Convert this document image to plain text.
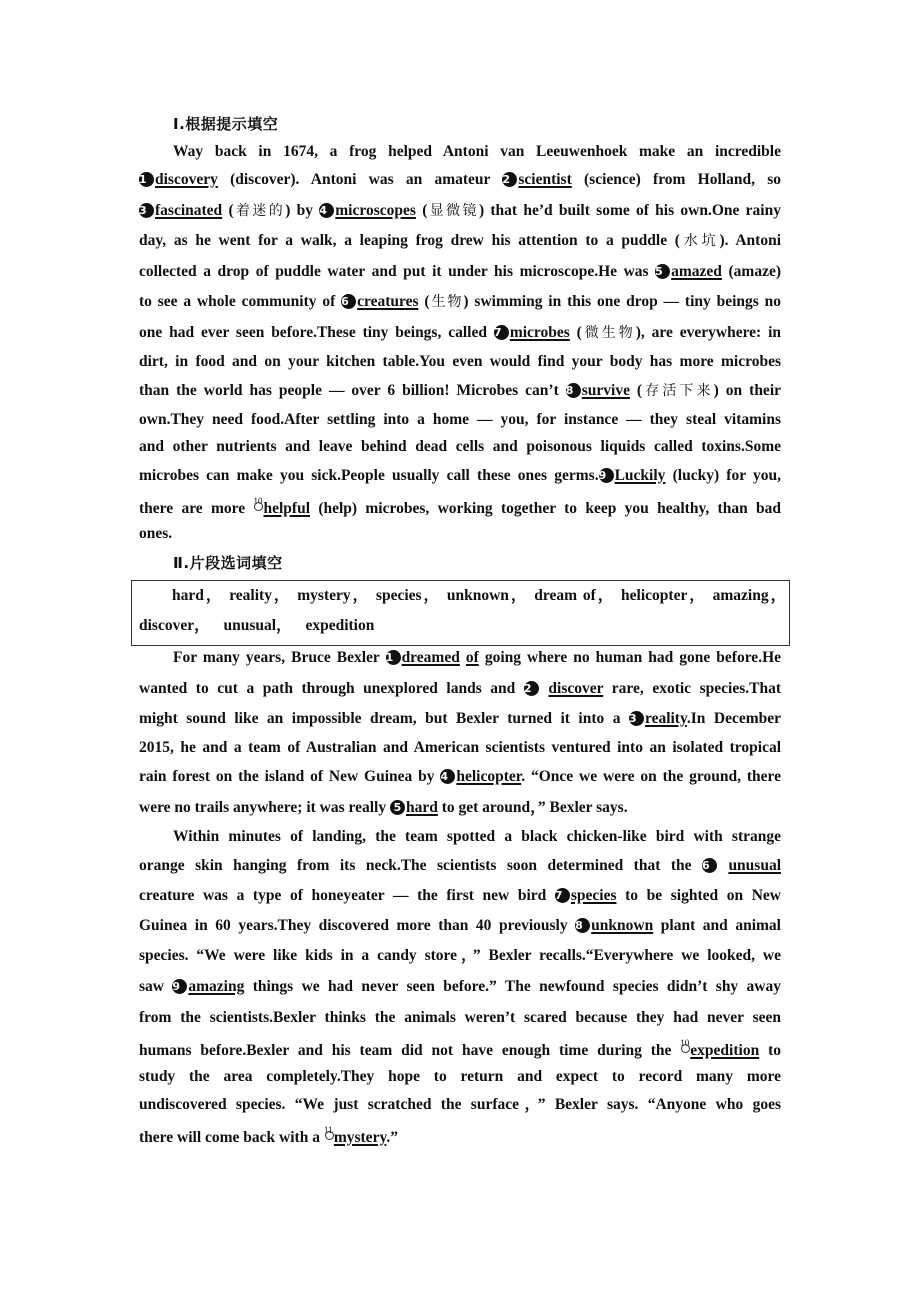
Ⅰ.根据提示填空
Way back in 1674, a frog helped Antoni van Leeuwenhoek make an incredible
1 discovery (discover). Antoni was an amateur 2 scientist (science) from Holland, so
3 fascinated (着迷的) by 4 microscopes (显微镜) that he’d built some of his own.One rainy
day, as he went for a walk, a leaping frog drew his attention to a puddle (水坑). Antoni
collected a drop of puddle water and put it under his microscope.He was 5 amazed (amaze)
to see a whole community of 6 creatures (生物) swimming in this one drop — tiny beings no
one had ever seen before.These tiny beings, called 7 microbes (微生物), are everywhere: in
dirt, in food and on your kitchen table.You even would find your body has more microbes
than the world has people — over 6 billion! Microbes can’t 8 survive (存活下来) on their
own.They need food.After settling into a home — you, for instance — they steal vitamins
and other nutrients and leave behind dead cells and poisonous liquids called toxins.Some
microbes can make you sick.People usually call these ones germs.9 Luckily (lucky) for you,
there are more 10 helpful (help) microbes, working together to keep you healthy, than bad
ones.
Ⅱ.片段选词填空
hard， reality， mystery， species， unknown， dream of， helicopter， amazing，
discover， unusual， expedition
For many years, Bruce Bexler 1 dreamed of going where no human had gone before.He
wanted to cut a path through unexplored lands and 2 discover rare, exotic species.That
might sound like an impossible dream, but Bexler turned it into a 3 reality.In December
2015, he and a team of Australian and American scientists ventured into an isolated tropical
rain forest on the island of New Guinea by 4 helicopter. “Once we were on the ground, there
were no trails anywhere; it was really 5 hard to get around，” Bexler says.
Within minutes of landing, the team spotted a black chicken-like bird with strange
orange skin hanging from its neck.The scientists soon determined that the 6 unusual
creature was a type of honeyeater — the first new bird 7 species to be sighted on New
Guinea in 60 years.They discovered more than 40 previously 8 unknown plant and animal
species. “We were like kids in a candy store，” Bexler recalls.“Everywhere we looked, we
saw 9 amazing things we had never seen before.” The newfound species didn’t shy away
from the scientists.Bexler thinks the animals weren’t scared because they had never seen
humans before.Bexler and his team did not have enough time during the 10 expedition to
study the area completely.They hope to return and expect to record many more
undiscovered species. “We just scratched the surface，” Bexler says. “Anyone who goes
there will come back with a 11 mystery.”
